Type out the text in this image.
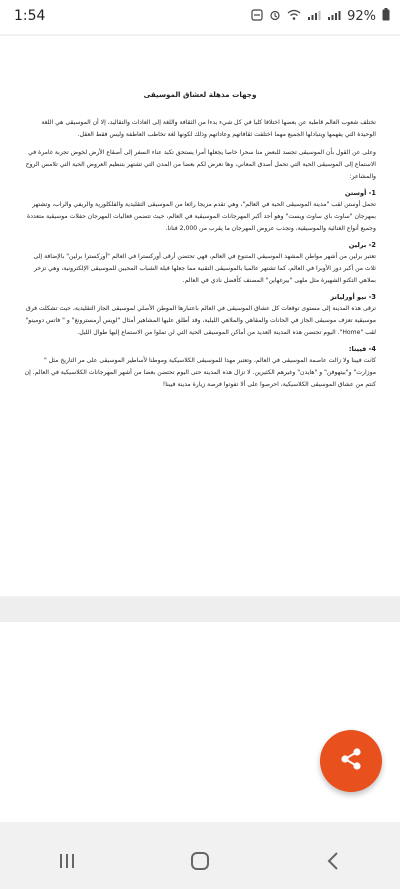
1:54	92%
وجهات مذهلة لعشاق الموسيقى
تختلف شعوب العالم قاطبة عن بعضها اختلافا كليا في كل شيء بدءا من الثقافة واللغة إلى العادات والتقاليد، إلا أن الموسيقى هي اللغة الوحيدة التي يفهمها ويتبادلها الجميع مهما اختلفت ثقافاتهم وعاداتهم وذلك لكونها لغة تخاطب العاطفة وليس فقط العقل.
وعلى عن القول بأن الموسيقى تجسد للبعض منا سحرا خاصا يجعلها أمرا يستحق تكبد عناء السفر إلى أصقاع الأرض لخوض تجربة غامرة في الاستماع إلى الموسيقى الحية التي تحمل أصدق المعاني، وها نعرض لكم بعضا من المدن التي تشتهر بتنظيم العروض الحية التي تلامس الروح والمشاعر:
1- أوستن
تحمل أوستن لقب "مدينة الموسيقى الحية في العالم"، وهي تقدم مزيجا رائعا من الموسيقى التقليدية والفلكلورية والريفي والراب، وتشتهر بمهرجان "ساوث باي ساوث ويست" وهو أحد أكبر المهرجانات الموسيقية في العالم، حيث تتضمن فعاليات المهرجان حفلات موسيقية متعددة وجميع أنواع الغنائية والموسيقية، وتجذب عروض المهرجان ما يقرب من 2,000 فنانا.
2- برلين
تعتبر برلين من أشهر مواطن المشهد الموسيقي المتنوع في العالم، فهي تحتضن أرقى أوركسترا في العالم "أوركسترا برلين" بالإضافة إلى ثلاث من أكبر دور الأوبرا في العالم، كما تشتهر عالميا بالموسيقى التقنية مما جعلها قبلة الشباب المحبين للموسيقى الإلكترونية، وهي تزخر بملاهي التكنو الشهيرة مثل ملهى "بيرغهاين" المصنف كأفضل نادي في العالم.
3- نيو أورليانز
ترقى هذه المدينة إلى مستوى توقعات كل عشاق الموسيقى في العالم باعتبارها الموطن الأصلي لموسيقى الجاز التقليدية، حيث تشكلت فرق موسيقية تعزف موسيقى الجاز في الحانات والمقاهي والملاهي الليلية، وقد أطلق عليها المشاهير أمثال "لويس أرمسترونغ" و " فاتس دومينو" لقب "Home". اليوم تحتضن هذه المدينة العديد من أماكن الموسيقى الحية التي لن تملوا من الاستماع إليها طوال الليل.
4- فيينا:
كانت فيينا ولا زالت عاصمة الموسيقى في العالم، وتعتبر مهدا للموسيقى الكلاسيكية وموطنا لأساطير الموسيقى على مر التاريخ مثل " موزارت" و"بيتهوفن" و "هايدن" وغيرهم الكثيرين. لا تزال هذه المدينة حتى اليوم تحتضن بعضا من أشهر المهرجانات الكلاسيكية في العالم. إن كنتم من عشاق الموسيقى الكلاسيكية، احرصوا على ألا تفوتوا فرصة زيارة مدينة فيينا!
